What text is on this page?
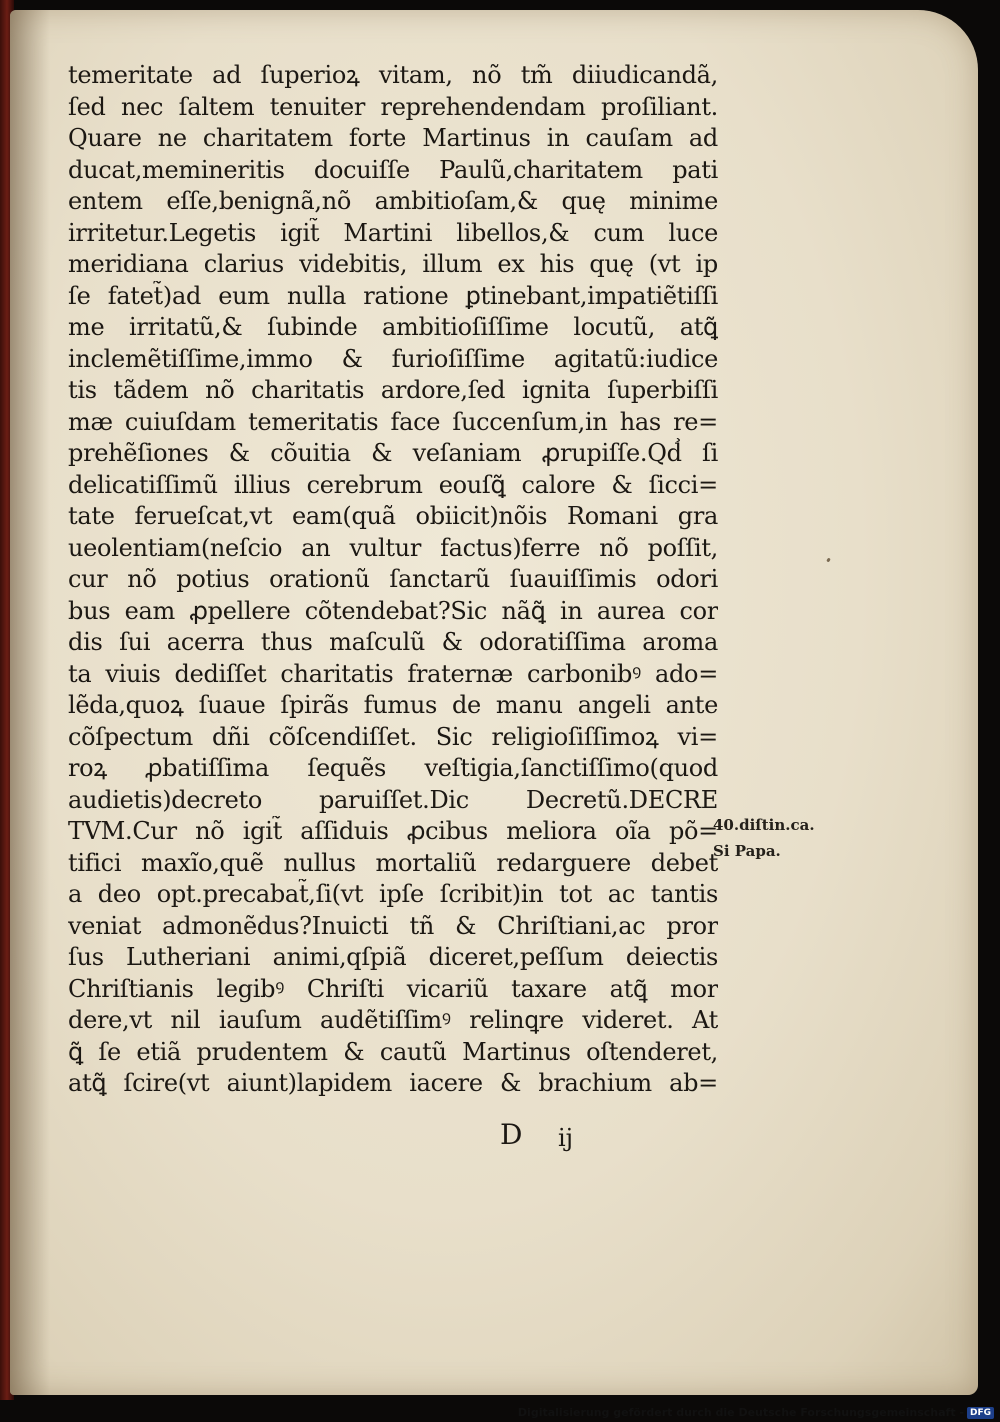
temeritate ad ſuperioꝝ vitam, nõ tm̃ diiudicandã,
ſed nec ſaltem tenuiter reprehendendam proſiliant.
Quare ne charitatem forte Martinus in cauſam ad
ducat,memineritis docuiſſe Paulũ,charitatem pati
entem eſſe,benignã,nõ ambitioſam,& quę minime
irritetur.Legetis igit̃ Martini libellos,& cum luce
meridiana clarius videbitis, illum ex his quę (vt ip
ſe fatet̃)ad eum nulla ratione ꝑtinebant,impatiẽtiſſi
me irritatũ,& ſubinde ambitioſiſſime locutũ, atꝗ̃
inclemẽtiſſime,immo & furioſiſſime agitatũ:iudice
tis tãdem nõ charitatis ardore,ſed ignita ſuperbiſſi
mæ cuiuſdam temeritatis face ſuccenſum,in has re=
prehẽſiones & cõuitia & veſaniam ꝓrupiſſe.Qd̾ ſi
delicatiſſimũ illius cerebrum eouſꝗ̃ calore & ſicci=
tate ferueſcat,vt eam(quã obiicit)nõis Romani gra
ueolentiam(neſcio an vultur factus)ferre nõ poſſit,
cur nõ potius orationũ ſanctarũ ſuauiſſimis odori
bus eam ꝓpellere cõtendebat?Sic nãꝗ̃ in aurea cor
dis ſui acerra thus maſculũ & odoratiſſima aroma
ta viuis dediſſet charitatis fraternæ carbonibꝰ ado=
lẽda,quoꝝ ſuaue ſpirãs fumus de manu angeli ante
cõſpectum dñi cõſcendiſſet. Sic religioſiſſimoꝝ vi=
roꝝ ꝓbatiſſima ſequẽs veſtigia,ſanctiſſimo(quod
audietis)decreto paruiſſet.Dic Decretũ.DECRE
TVM.Cur nõ igit̃ aſſiduis ꝓcibus meliora oĩa põ=
tifici maxĩo,quẽ nullus mortaliũ redarguere debet
a deo opt.precabat̃,ſi(vt ipſe ſcribit)in tot ac tantis
veniat admonẽdus?Inuicti tñ & Chriſtiani,ac pror
ſus Lutheriani animi,qſpiã diceret,peſſum deiectis
Chriſtianis legibꝰ Chriſti vicariũ taxare atꝗ̃ mor
dere,vt nil iauſum audẽtiſſimꝰ relinꝗre videret. At
ꝗ̃ ſe etiã prudentem & cautũ Martinus oſtenderet,
atꝗ̃ ſcire(vt aiunt)lapidem iacere & brachium ab=
40.diſtin.ca.
Si Papa.
D ij
Digitalisierung gefördert durch die Deutsche Forschungsgemeinschaft - DFG
